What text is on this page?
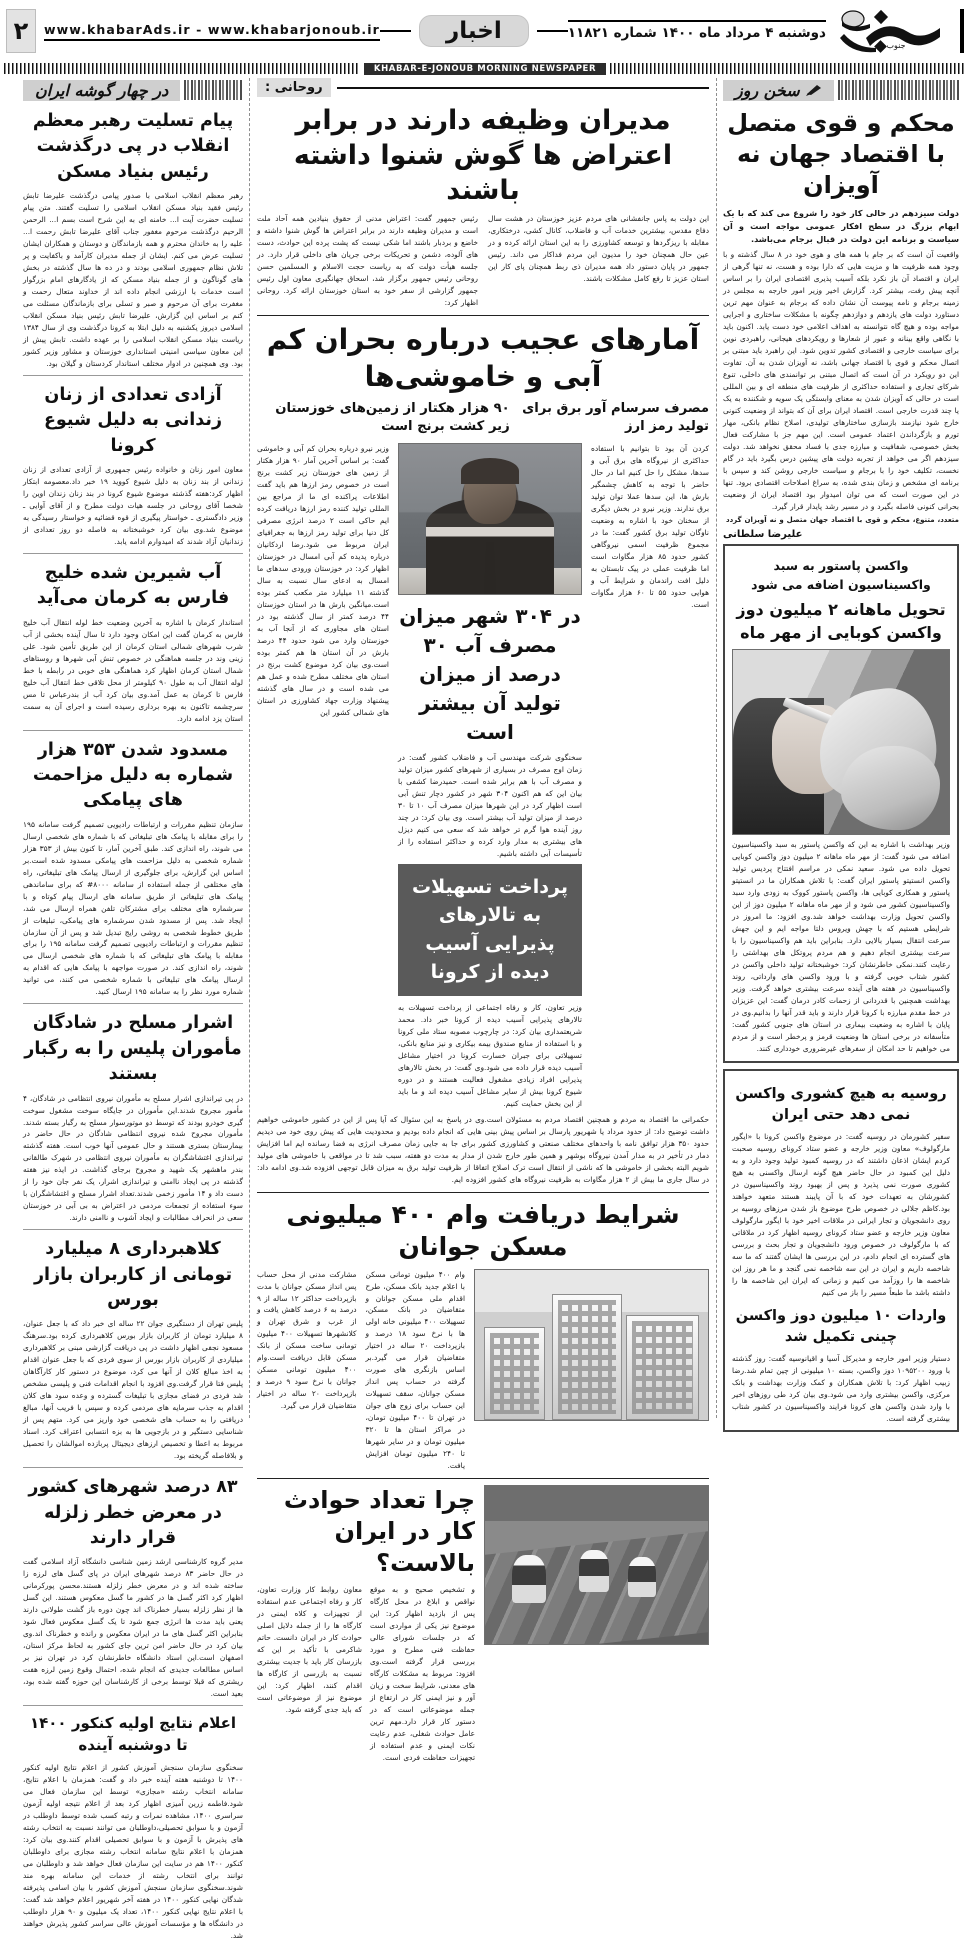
جنوب
دوشنبه ۴ مرداد ماه ۱۴۰۰ شماره ۱۱۸۲۱
اخبار
www.khabarAds.ir - www.khabarjonoub.ir
۲
KHABAR-E-JONOUB MORNING NEWSPAPER
سخن روز
محکم و قوی متصل با اقتصاد جهان نه آویزان
دولت سیزدهم در حالی کار خود را شروع می کند که با یک ابهام بزرگ در سطح افکار عمومی مواجه است و آن سیاست و برنامه این دولت در قبال برجام می‌باشد.
واقعیت آن است که بر جام با همه های و هوی خود در ۸ سال گذشته و با وجود همه ظرفیت ها و مزیت هایی که دارا بوده و هست، نه تنها گرهی از ایران و اقتصاد آن باز نکرد بلکه آسیب پذیری اقتصادی ایران را بر اساس آنچه پیش رفت، بیشتر کرد. گزارش اخیر وزیر امور خارجه به مجلس در زمینه برجام و نامه پیوست آن نشان داده که برجام به عنوان مهم ترین دستاورد دولت های یازدهم و دوازدهم چگونه با مشکلات ساختاری و اجرایی مواجه بوده و هیچ گاه نتوانسته به اهداف اعلامی خود دست یابد. اکنون باید با نگاهی واقع بینانه و عبور از شعارها و رویکردهای هیجانی، راهبردی نوین برای سیاست خارجی و اقتصادی کشور تدوین شود. این راهبرد باید مبتنی بر اتصال محکم و قوی با اقتصاد جهانی باشد، نه آویزان شدن به آن. تفاوت این دو رویکرد در آن است که اتصال مبتنی بر توانمندی های داخلی، تنوع شرکای تجاری و استفاده حداکثری از ظرفیت های منطقه ای و بین المللی است در حالی که آویزان شدن به معنای وابستگی یک سویه و شکننده به یک یا چند قدرت خارجی است. اقتصاد ایران برای آن که بتواند از وضعیت کنونی خارج شود نیازمند بازسازی ساختارهای تولیدی، اصلاح نظام بانکی، مهار تورم و بازگرداندن اعتماد عمومی است. این مهم جز با مشارکت فعال بخش خصوصی، شفافیت و مبارزه جدی با فساد محقق نخواهد شد. دولت سیزدهم اگر می خواهد از تجربه دولت های پیشین درس بگیرد باید در گام نخست، تکلیف خود را با برجام و سیاست خارجی روشن کند و سپس با برنامه ای مشخص و زمان بندی شده، به سراغ اصلاحات اقتصادی برود. تنها در این صورت است که می توان امیدوار بود اقتصاد ایران از وضعیت بحرانی کنونی فاصله بگیرد و در مسیر رشد پایدار قرار گیرد.
متعدد، متنوع، محکم و قوی با اقتصاد جهان متصل و نه آویزان گردد
علیرضا سلطانی
واکسن پاستور به سبد واکسیناسیون اضافه می شود
تحویل ماهانه ۲ میلیون دوز واکسن کوبایی از مهر ماه
وزیر بهداشت با اشاره به این که واکسن پاستور به سبد واکسیناسیون اضافه می شود گفت: از مهر ماه ماهانه ۲ میلیون دوز واکسن کوبایی تحویل داده می شود. سعید نمکی در مراسم افتتاح پردیس تولید واکسن انستیتو پاستور ایران گفت: با تلاش همکاران ما در انستیتو پاستور و همکاری کوبایی ها، واکسن پاستور کووک به زودی وارد سبد واکسیناسیون کشور می شود و از مهر ماه ماهانه ۲ میلیون دوز از این واکسن تحویل وزارت بهداشت خواهد شد.وی افزود: ما امروز در شرایطی هستیم که با جهش ویروس دلتا مواجه ایم و این جهش سرعت انتقال بسیار بالایی دارد. بنابراین باید هم واکسیناسیون را با سرعت بیشتری انجام دهیم و هم مردم پروتکل های بهداشتی را رعایت کنند.نمکی خاطرنشان کرد: خوشبختانه تولید داخلی واکسن در کشور شتاب خوبی گرفته و با ورود واکسن های وارداتی، روند واکسیناسیون در هفته های آینده سرعت بیشتری خواهد گرفت. وزیر بهداشت همچنین با قدردانی از زحمات کادر درمان گفت: این عزیزان در خط مقدم مبارزه با کرونا قرار دارند و باید قدر آنها را بدانیم.وی در پایان با اشاره به وضعیت بیماری در استان های جنوبی کشور گفت: متأسفانه در برخی استان ها وضعیت قرمز و پرخطر است و از مردم می خواهیم تا حد امکان از سفرهای غیرضروری خودداری کنند.
روسیه به هیچ کشوری واکسن نمی دهد حتی ایران
سفیر کشورمان در روسیه گفت: در موضوع واکسن کرونا با «ایگور مارگولوف» معاون وزیر خارجه و عضو ستاد کرونای روسیه صحبت کردم ایشان اذعان داشتند که در روسیه کمبود تولید وجود دارد و به دلیل این کمبود در حال حاضر هیچ گونه ارسال واکسنی به هیچ کشوری صورت نمی پذیرد و پس از بهبود روند واکسیناسیون در کشورشان به تعهدات خود که با آن پایبند هستند متعهد خواهند بود.کاظم جلالی در خصوص طرح موضوع باز شدن مرزهای روسیه بر روی دانشجویان و تجار ایرانی در ملاقات اخیر خود با ایگور مارگولوف معاون وزیر خارجه و عضو ستاد کرونای روسیه اظهار کرد در ملاقاتی که با مارگولوف در خصوص ورود دانشجویان و تجار بحث و بررسی های گسترده ای انجام دادم، در این بررسی ها ایشان گفتند که ما سه شاخصه داریم و ایران در این سه شاخصه نمی گنجد و ما هر روز این شاخصه ها را روزآمد می کنیم و زمانی که ایران این شاخصه ها را داشته باشد ما طبعاً مسیر را باز می کنیم
واردات ۱۰ میلیون دوز واکسن چینی تکمیل شد
دستیار وزیر امور خارجه و مدیرکل آسیا و اقیانوسیه گفت: روز گذشته با ورود ۱۰۹۵۲۰۰ دوز واکسن، بسته ۱۰ میلیونی از چین تمام شد.رضا زبیب اظهار کرد: با تلاش همکاران و کمک وزارت بهداشت و بانک مرکزی، واکسن بیشتری وارد می شود.وی بیان کرد طی روزهای اخیر با وارد شدن واکسن های کرونا فرایند واکسیناسیون در کشور شتاب بیشتری گرفته است.
روحانی :
مدیران وظیفه دارند در برابر اعتراض ها گوش شنوا داشته باشند
این دولت به پاس جانفشانی های مردم عزیز خوزستان در هشت سال دفاع مقدس، بیشترین خدمات آب و فاضلاب، کانال کشی، درختکاری، مقابله با ریزگردها و توسعه کشاورزی را به این استان ارائه کرده و در عین حال همچنان خود را مدیون این مردم فداکار می داند. رئیس جمهور در پایان دستور داد همه مدیران ذی ربط همچنان پای کار این استان عزیز تا رفع کامل مشکلات باشند.
رئیس جمهور گفت: اعتراض مدنی از حقوق بنیادین همه آحاد ملت است و مدیران وظیفه دارند در برابر اعتراض ها گوش شنوا داشته و خاضع و بردبار باشند اما شکی نیست که پشت پرده این حوادث، دست های آلوده، دشمن و تحریکات برخی جریان های داخلی قرار دارد. در جلسه هیأت دولت که به ریاست حجت الاسلام و المسلمین حسن روحانی رئیس جمهور برگزار شد، اسحاق جهانگیری معاون اول رئیس جمهور گزارشی از سفر خود به استان خوزستان ارائه کرد. روحانی اظهار کرد:
آمارهای عجیب درباره بحران کم آبی و خاموشی‌ها
مصرف سرسام آور برق برای تولید رمز ارز
۹۰ هزار هکتار از زمین‌های خوزستان زیر کشت برنج است
کردن آن بود تا بتوانیم با استفاده حداکثری از نیروگاه های برق آبی و سدها، مشکل را حل کنیم اما در حال حاضر با توجه به کاهش چشمگیر بارش ها، این سدها عملا توان تولید برق ندارند. وزیر نیرو در بخش دیگری از سخنان خود با اشاره به وضعیت ناوگان تولید برق کشور گفت: ما در مجموع ظرفیت اسمی نیروگاهی کشور حدود ۸۵ هزار مگاوات است اما ظرفیت عملی در پیک تابستان به دلیل افت راندمان و شرایط آب و هوایی حدود ۵۵ تا ۶۰ هزار مگاوات است.
در ۳۰۴ شهر میزان مصرف آب ۳۰ درصد از میزان تولید آن بیشتر است
سخنگوی شرکت مهندسی آب و فاضلاب کشور گفت: در زمان اوج مصرف در بسیاری از شهرهای کشور میزان تولید و مصرف آب با هم برابر شده است. حمیدرضا کشفی با بیان این که هم اکنون ۳۰۴ شهر در کشور دچار تنش آبی است اظهار کرد در این شهرها میزان مصرف آب ۱۰ تا ۳۰ درصد از میزان تولید آب بیشتر است. وی بیان کرد: در چند روز آینده هوا گرم تر خواهد شد که سعی می کنیم دیزل های بیشتری به مدار وارد کرده و حداکثر استفاده را از تأسیسات آبی داشته باشیم.
پرداخت تسهیلات به تالارهای پذیرایی آسیب دیده از کرونا
وزیر تعاون، کار و رفاه اجتماعی از پرداخت تسهیلات به تالارهای پذیرایی آسیب دیده از کرونا خبر داد. محمد شریعتمداری بیان کرد: در چارچوب مصوبه ستاد ملی کرونا و با استفاده از منابع صندوق بیمه بیکاری و نیز منابع بانکی، تسهیلاتی برای جبران خسارت کرونا در اختیار مشاغل آسیب دیده قرار داده می شود.وی گفت: در بخش تالارهای پذیرایی افراد زیادی مشغول فعالیت هستند و در دوره شیوع کرونا بیش از سایر مشاغل آسیب دیده اند و ما باید از این بخش حمایت کنیم.
وزیر نیرو درباره بحران کم آبی و خاموشی گفت: بر اساس آخرین آمار ۹۰ هزار هکتار از زمین های خوزستان زیر کشت برنج است در خصوص رمز ارزها هم باید گفت اطلاعات پراکنده ای ما از مراجع بین المللی تولید کننده رمز ارزها دریافت کرده ایم حاکی است ۲ درصد انرژی مصرفی کل دنیا برای تولید رمز ارزها به جغرافیای ایران مربوط می شود.رضا اردکانیان درباره پدیده کم آبی امسال در خوزستان اظهار کرد: در خوزستان ورودی سدهای ما امسال به ادعای سال نسبت به سال گذشته ۱۱ میلیارد متر مکعب کمتر بوده است.میانگین بارش ها در استان خوزستان ۴۴ درصد کمتر از سال گذشته بود در استان های مجاوری که از آنجا آب به خوزستان وارد می شود حدود ۴۴ درصد بارش در آن استان ها هم کمتر بوده است.وی بیان کرد موضوع کشت برنج در استان های مختلف مطرح شده و عمل هم می شده است و در سال های گذشته پیشنهاد وزارت جهاد کشاورزی در استان های شمالی کشور این
حکمرانی ما اقتصاد به مردم و همچنین اقتصاد مردم به مسئولان است.وی در پاسخ به این سئوال که آیا پس از این در کشور خاموشی خواهیم داشت توضیح داد: از حدود مرداد یا شهریور پارسال بر اساس پیش بینی هایی که انجام داده بودیم و محدودیت هایی که پیش روی خود می دیدیم حدود ۳۵۰ هزار توافق نامه با واحدهای مختلف صنعتی و کشاورزی کشور برای جا به جایی زمان مصرف انرژی به فضا رسانده ایم اما افزایش دمار در تأخیر در به مدار آمدن نیروگاه بوشهر و همین طور خارج شدن از مدار به مدت دو هفته، سبب شد تا در مواقعی با خاموشی های مولید شویم البته بخشی از خاموشی ها که ناشی از انتقال است ترک اصلاح اتفاقا از ظرفیت تولید برق به میزان قابل توجهی افزوده شد.وی ادامه داد: در سال جاری ما بیش از ۲ هزار مگاوات به ظرفیت نیروگاه های کشور افزوده ایم.
شرایط دریافت وام ۴۰۰ میلیونی مسکن جوانان
وام ۴۰۰ میلیون تومانی مسکن با اعلام جدید بانک مسکن، طرح اقدام ملی مسکن جوانان و متقاضیان در بانک مسکن، تسهیلات ۴۰۰ میلیونی خانه اولی ها با نرخ سود ۱۸ درصد و بازپرداخت ۲۰ ساله در اختیار متقاضیان قرار می گیرد.بر اساس بازنگری های صورت گرفته در حساب پس انداز مسکن جوانان، سقف تسهیلات این حساب برای زوج های جوان در تهران تا ۴۰۰ میلیون تومان، در مراکز استان ها تا ۳۲۰ میلیون تومان و در سایر شهرها تا ۲۴۰ میلیون تومان افزایش یافت.
مشارکت مدنی از محل حساب پس انداز مسکن جوانان با مدت بازپرداخت حداکثر ۱۲ ساله از ۹ درصد به ۶ درصد کاهش یافت و از غرب و شرق تهران و کلانشهرها تسهیلات ۴۰۰ میلیون تومانی ساخت مسکن از بانک مسکن قابل دریافت است.وام ۴۰۰ میلیون تومانی مسکن جوانان با نرخ سود ۹ درصد و بازپرداخت ۲۰ ساله در اختیار متقاضیان قرار می گیرد.
چرا تعداد حوادث کار در ایران بالاست؟
و تشخیص صحیح و به موقع نواقص و ابلاغ در محل کارگاه پس از بازدید اظهار کرد: این موضوع نیز یکی از مواردی است که در جلسات شورای عالی حفاظت فنی مطرح و مورد بررسی قرار گرفته است.وی افزود: مربوط به مشکلات کارگاه های معدنی، شرایط سخت و زیان آور و نیز ایمنی کار در ارتفاع از جمله موضوعاتی است که در دستور کار قرار دارد.مهم ترین عامل حوادث شغلی، عدم رعایت نکات ایمنی و عدم استفاده از تجهیزات حفاظت فردی است.
معاون روابط کار وزارت تعاون، کار و رفاه اجتماعی عدم استفاده از تجهیزات و کلاه ایمنی در کارگاه ها را از جمله دلایل اصلی حوادث کار در ایران دانست. حاتم شاکرمی با تأکید بر این که بازرسان کار باید با جدیت بیشتری نسبت به بازرسی از کارگاه ها اقدام کنند، اظهار کرد: این موضوع نیز از موضوعاتی است که باید جدی گرفته شود.
در چهار گوشه ایران
پیام تسلیت رهبر معظم انقلاب در پی درگذشت رئیس بنیاد مسکن
رهبر معظم انقلاب اسلامی با صدور پیامی درگذشت علیرضا تابش رئیس فقید بنیاد مسکن انقلاب اسلامی را تسلیت گفتند. متن پیام تسلیت حضرت آیت ا... خامنه ای به این شرح است بسم ا... الرحمن الرحیم درگذشت مرحوم مغفور جناب آقای علیرضا تابش رحمت ا... علیه را به خاندان محترم و همه بازماندگان و دوستان و همکاران ایشان تسلیت عرض می کنم. ایشان از جمله مدیران کارآمد و باکفایت و پر تلاش نظام جمهوری اسلامی بودند و در ده ها سال گذشته در بخش های گوناگون و از جمله بنیاد مسکن که از یادگارهای امام بزرگوار است خدمات با ارزشی انجام داده اند از خداوند متعال رحمت و مغفرت برای آن مرحوم و صبر و تسلی برای بازماندگان مسئلت می کنم بر اساس این گزارش، علیرضا تابش رئیس بنیاد مسکن انقلاب اسلامی دیروز یکشنبه به دلیل ابتلا به کرونا درگذشت وی از سال ۱۳۸۴ ریاست بنیاد مسکن انقلاب اسلامی را بر عهده داشت. تابش پیش از این معاون سیاسی امنیتی استانداری خوزستان و مشاور وزیر کشور بود. وی همچنین در ادوار مختلف استاندار کردستان و گیلان بود.
آزادی تعدادی از زنان زندانی به دلیل شیوع کرونا
معاون امور زنان و خانواده رئیس جمهوری از آزادی تعدادی از زنان زندانی از بند زنان به دلیل شیوع کووید ۱۹ خبر داد.معصومه ابتکار اظهار کرد:هفته گذشته موضوع شیوع کرونا در بند زنان زندان اوین را شخصا آقای روحانی در جلسه هیات دولت مطرح و از آقای آوایی ـ وزیر دادگستری ـ خواستار پیگیری از قوه قضائیه و خواستار رسیدگی به موضوع شد.وی بیان کرد خوشبختانه به فاصله دو روز تعدادی از زندانیان آزاد شدند که امیدوارم ادامه یابد.
آب شیرین شده خلیج فارس به کرمان می‌آید
استاندار کرمان با اشاره به آخرین وضعیت خط لوله انتقال آب خلیج فارس به کرمان گفت این امکان وجود دارد تا سال آینده بخشی از آب شرب شهرهای شمالی استان کرمان از این طریق تأمین شود. علی زینی وند در جلسه هماهنگی در خصوص تنش آبی شهرها و روستاهای شمال استان کرمان اظهار کرد هماهنگی های خوبی در رابطه با خط لوله انتقال آب به طول ۹۰ کیلومتر از محل تلاقی خط انتقال آب خلیج فارس تا کرمان به عمل آمد.وی بیان کرد آب از بندرعباس تا مس سرچشمه تاکنون به بهره برداری رسیده است و اجرای آن به سمت استان یزد ادامه دارد.
مسدود شدن ۳۵۳ هزار شماره به دلیل مزاحمت های پیامکی
سازمان تنظیم مقررات و ارتباطات رادیویی تصمیم گرفت سامانه ۱۹۵ را برای مقابله با پیامک های تبلیغاتی که با شماره های شخصی ارسال می شوند، راه اندازی کند. طبق آخرین آمار، تا کنون بیش از ۳۵۳ هزار شماره شخصی به دلیل مزاحمت های پیامکی مسدود شده است.بر اساس این گزارش، برای جلوگیری از ارسال پیامک های تبلیغاتی، راه های مختلفی از جمله استفاده از سامانه ۸۰۰۰# که برای ساماندهی پیامک های تبلیغاتی از طریق سامانه های ارسال پیام کوتاه و با سرشماره های مختلف برای مشترکان تلفن همراه ارسال می شد، ایجاد شد. پس از مسدود شدن سرشماره های پیامکی، تبلیغات از طریق خطوط شخصی به روشی رایج تبدیل شد و پس از آن سازمان تنظیم مقررات و ارتباطات رادیویی تصمیم گرفت سامانه ۱۹۵ را برای مقابله با پیامک های تبلیغاتی که با شماره های شخصی ارسال می شوند، راه اندازی کند. در صورت مواجهه با پیامک هایی که اقدام به ارسال پیامک های تبلیغاتی با شماره شخصی می کنند، می توانید شماره مورد نظر را به سامانه ۱۹۵ ارسال کنید.
اشرار مسلح در شادگان مأموران پلیس را به رگبار بستند
در پی تیراندازی اشرار مسلح به مأموران نیروی انتظامی در شادگان، ۴ مأمور مجروح شدند.این مأموران در جایگاه سوخت مشغول سوخت گیری خودرو بودند که توسط دو موتورسوار مسلح به رگبار بسته شدند. مأموران مجروح شده نیروی انتظامی شادگان در حال حاضر در بیمارستان بستری هستند و حال عمومی آنها خوب است. هفته گذشته تیراندازی اغتشاشگران به مأموران نیروی انتظامی در شهرک طالقانی بندر ماهشهر یک شهید و مجروح برجای گذاشت. در ایذه نیز هفته گذشته در پی ایجاد ناامنی و تیراندازی اشرار، یک نفر جان خود را از دست داد و ۱۴ مأمور زخمی شدند.تعداد اشرار مسلح و اغتشاشگران با سوء استفاده از تجمعات مردمی در اعتراض به بی آبی در خوزستان سعی در انحراف مطالبات و ایجاد آشوب و ناامنی دارند.
کلاهبرداری ۸ میلیارد تومانی از کاربران بازار بورس
پلیس تهران از دستگیری جوان ۲۲ ساله ای خبر داد که با جعل عنوان، ۸ میلیارد تومان از کاربران بازار بورس کلاهبرداری کرده بود.سرهنگ مسعود نجفی اظهار داشت در پی دریافت گزارشی مبنی بر کلاهبرداری میلیاردی از کاربران بازار بورس از سوی فردی که با جعل عنوان اقدام به اخذ مبالغ کلان از آنها می کرد، موضوع در دستور کار کارآگاهان پلیس فتا قرار گرفت.وی افزود با انجام اقدامات فنی و پلیسی مشخص شد فردی در فضای مجازی با تبلیغات گسترده و وعده سود های کلان اقدام به جذب سرمایه های مردمی کرده و سپس با فریب آنها، مبالغ دریافتی را به حساب های شخصی خود واریز می کرد. متهم پس از شناسایی دستگیر و در بازجویی ها به بزه انتسابی اعتراف کرد. اسناد مربوط به اعطا و تخصیص ارزهای دیجیتال پربازده اموالشان را تحصیل و بلافاصله گریخته بود.
۸۳ درصد شهرهای کشور در معرض خطر زلزله قرار دارند
مدیر گروه کارشناسی ارشد زمین شناسی دانشگاه آزاد اسلامی گفت در حال حاضر ۸۳ درصد شهرهای ایران در پای گسل های لرزه زا ساخته شده اند و در معرض خطر زلزله هستند.محسن پورکرمانی اظهار کرد اکثر گسل ها در کشور ما گسل معکوس هستند. این گسل ها از نظر زلزله بسیار خطرناک اند چون دوره باز گشت طولانی دارند یعنی باید مدت ها انرژی جمع شود تا یک گسل معکوس فعال شود بنابراین اکثر گسل های ما در ایران معکوس و رانده و خطرناک اند.وی بیان کرد در حال حاضر امن ترین جای کشور به لحاظ مرکز استان، اصفهان است.این استاد دانشگاه خاطرنشان کرد در تهران نیز بر اساس مطالعات جدیدی که انجام شده، احتمال وقوع زمین لرزه هفت ریشتری که قبلا توسط برخی از کارشناسان این حوزه گفته شده بود، بعید است.
اعلام نتایج اولیه کنکور ۱۴۰۰ تا دوشنبه آینده
سخنگوی سازمان سنجش آموزش کشور از اعلام نتایج اولیه کنکور ۱۴۰۰ تا دوشنبه هفته آینده خبر داد و گفت: همزمان با اعلام نتایج، سامانه انتخاب رشته «مجازی» توسط این سازمان فعال می شود.فاطمه زرین آمیزی اظهار کرد بعد از اعلام نتیجه اولیه آزمون سراسری ۱۴۰۰، مشاهده نمرات و رتبه کسب شده توسط داوطلب در آزمون و با سوابق تحصیلی،داوطلبان می توانند نسبت به انتخاب رشته های پذیرش با آزمون و با سوابق تحصیلی اقدام کنند.وی بیان کرد: همزمان با اعلام نتایج سامانه انتخاب رشته مجازی برای داوطلبان کنکور ۱۴۰۰ هم در سایت این سازمان فعال خواهد شد و داوطلبان می توانند برای انتخاب رشته از خدمات این سامانه بهره مند شوند.سخنگوی سازمان سنجش آموزش کشور با بیان اسامی پذیرفته شدگان نهایی کنکور ۱۴۰۰ در هفته آخر شهریور اعلام خواهد شد گفت: با اعلام نتایج نهایی کنکور ۱۴۰۰، تعداد یک میلیون و ۹۰ هزار داوطلب در دانشگاه ها و مؤسسات آموزش عالی سراسر کشور پذیرش خواهند شد.
